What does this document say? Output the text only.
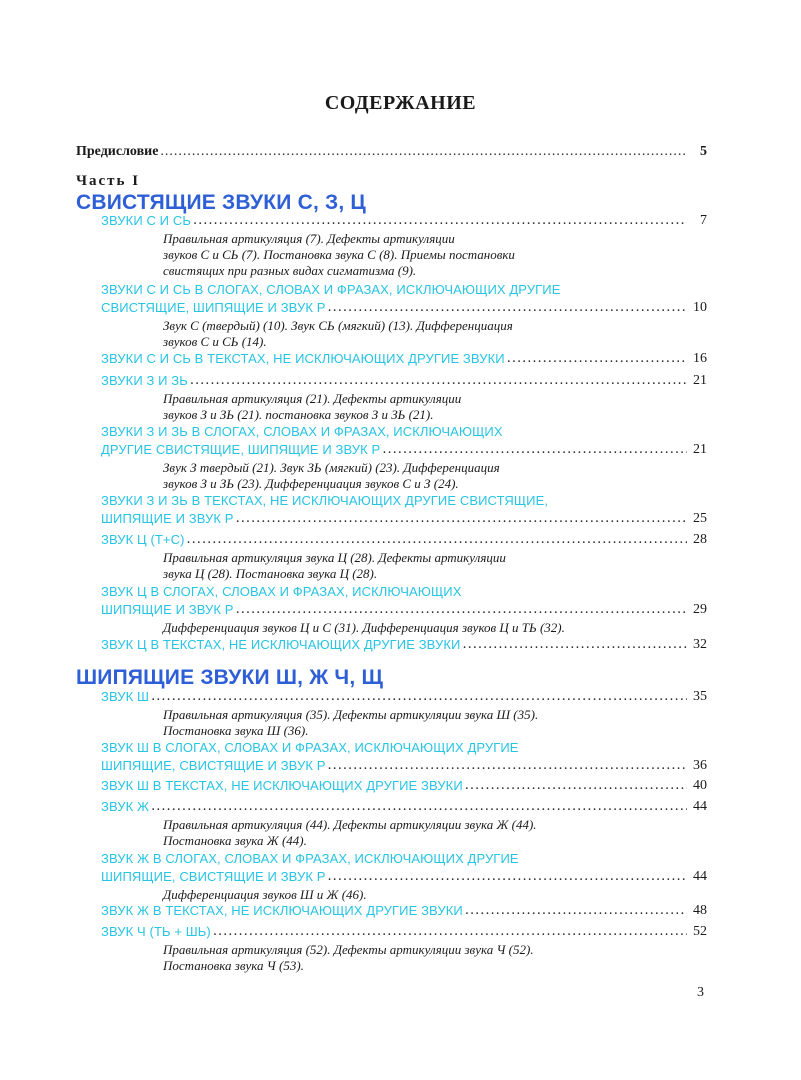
СОДЕРЖАНИЕ
Предисловие .....	5
Часть I
СВИСТЯЩИЕ ЗВУКИ С, З, Ц
ШИПЯЩИЕ ЗВУКИ Ш, Ж Ч, Щ
ЗВУКИ С И СЬ .....	7
Правильная артикуляция (7). Дефекты артикуляции
звуков С и СЬ (7). Постановка звука С (8). Приемы постановки
свистящих при разных видах сигматизма (9).
ЗВУКИ С И СЬ В СЛОГАХ, СЛОВАХ И ФРАЗАХ, ИСКЛЮЧАЮЩИХ ДРУГИЕ
СВИСТЯЩИЕ, ШИПЯЩИЕ И ЗВУК Р .....	10
Звук С (твердый) (10). Звук СЬ (мягкий) (13). Дифференциация
звуков С и СЬ (14).
ЗВУКИ С И СЬ В ТЕКСТАХ, НЕ ИСКЛЮЧАЮЩИХ ДРУГИЕ ЗВУКИ .....	16
ЗВУКИ З И ЗЬ .....	21
Правильная артикуляция (21). Дефекты артикуляции
звуков З и ЗЬ (21). постановка звуков З и ЗЬ (21).
ЗВУКИ З И ЗЬ В СЛОГАХ, СЛОВАХ И ФРАЗАХ, ИСКЛЮЧАЮЩИХ
ДРУГИЕ СВИСТЯЩИЕ, ШИПЯЩИЕ И ЗВУК Р .....	21
Звук З твердый (21). Звук ЗЬ (мягкий) (23). Дифференциация
звуков З и ЗЬ (23). Дифференциация звуков С и З (24).
ЗВУКИ З И ЗЬ В ТЕКСТАХ, НЕ ИСКЛЮЧАЮЩИХ ДРУГИЕ СВИСТЯЩИЕ,
ШИПЯЩИЕ И ЗВУК Р .....	25
ЗВУК Ц (Т+С) .....	28
Правильная артикуляция звука Ц (28). Дефекты артикуляции
звука Ц (28). Постановка звука Ц (28).
ЗВУК Ц В СЛОГАХ, СЛОВАХ И ФРАЗАХ, ИСКЛЮЧАЮЩИХ
ШИПЯЩИЕ И ЗВУК Р .....	29
Дифференциация звуков Ц и С (31). Дифференциация звуков Ц и ТЬ (32).
ЗВУК Ц В ТЕКСТАХ, НЕ ИСКЛЮЧАЮЩИХ ДРУГИЕ ЗВУКИ .....	32
ЗВУК Ш .....	35
Правильная артикуляция (35). Дефекты артикуляции звука Ш (35).
Постановка звука Ш (36).
ЗВУК Ш В СЛОГАХ, СЛОВАХ И ФРАЗАХ, ИСКЛЮЧАЮЩИХ ДРУГИЕ
ШИПЯЩИЕ, СВИСТЯЩИЕ И ЗВУК Р .....	36
ЗВУК Ш В ТЕКСТАХ, НЕ ИСКЛЮЧАЮЩИХ ДРУГИЕ ЗВУКИ .....	40
ЗВУК Ж .....	44
Правильная артикуляция (44). Дефекты артикуляции звука Ж (44).
Постановка звука Ж (44).
ЗВУК Ж В СЛОГАХ, СЛОВАХ И ФРАЗАХ, ИСКЛЮЧАЮЩИХ ДРУГИЕ
ШИПЯЩИЕ, СВИСТЯЩИЕ И ЗВУК Р .....	44
Дифференциация звуков Ш и Ж (46).
ЗВУК Ж В ТЕКСТАХ, НЕ ИСКЛЮЧАЮЩИХ ДРУГИЕ ЗВУКИ .....	48
ЗВУК Ч (ТЬ + ШЬ) .....	52
Правильная артикуляция (52). Дефекты артикуляции звука Ч (52).
Постановка звука Ч (53).
3
